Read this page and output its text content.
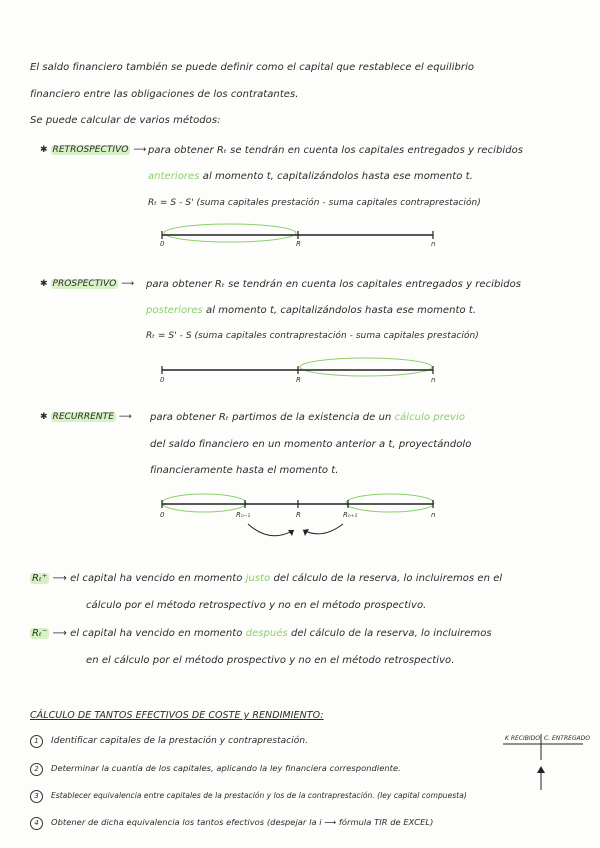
El saldo financiero también se puede definir como el capital que restablece el equilibrio
financiero entre las obligaciones de los contratantes.
Se puede calcular de varios métodos:
✱ RETROSPECTIVO ⟶ para obtener Rₜ se tendrán en cuenta los capitales entregados y recibidos
anteriores al momento t, capitalizándolos hasta ese momento t.
Rₜ = S - S' (suma capitales prestación - suma capitales contraprestación)
0	R	n
✱ PROSPECTIVO ⟶ para obtener Rₜ se tendrán en cuenta los capitales entregados y recibidos
posteriores al momento t, capitalizándolos hasta ese momento t.
Rₜ = S' - S (suma capitales contraprestación - suma capitales prestación)
0	R	n
✱ RECURRENTE ⟶ para obtener Rₜ partimos de la existencia de un cálculo previo
del saldo financiero en un momento anterior a t, proyectándolo
financieramente hasta el momento t.
0	Rₙ₋₁	R	Rₙ₊₁	n
Rₜ⁺ ⟶ el capital ha vencido en momento justo del cálculo de la reserva, lo incluiremos en el
cálculo por el método retrospectivo y no en el método prospectivo.
Rₜ⁻ ⟶ el capital ha vencido en momento después del cálculo de la reserva, lo incluiremos
en el cálculo por el método prospectivo y no en el método retrospectivo.
CÁLCULO DE TANTOS EFECTIVOS DE COSTE y RENDIMIENTO:
1 Identificar capitales de la prestación y contraprestación.
2 Determinar la cuantía de los capitales, aplicando la ley financiera correspondiente.
3 Establecer equivalencia entre capitales de la prestación y los de la contraprestación. (ley capital compuesta)
4 Obtener de dicha equivalencia los tantos efectivos (despejar la i ⟶ fórmula TIR de EXCEL)
K RECIBIDO C. ENTREGADO
